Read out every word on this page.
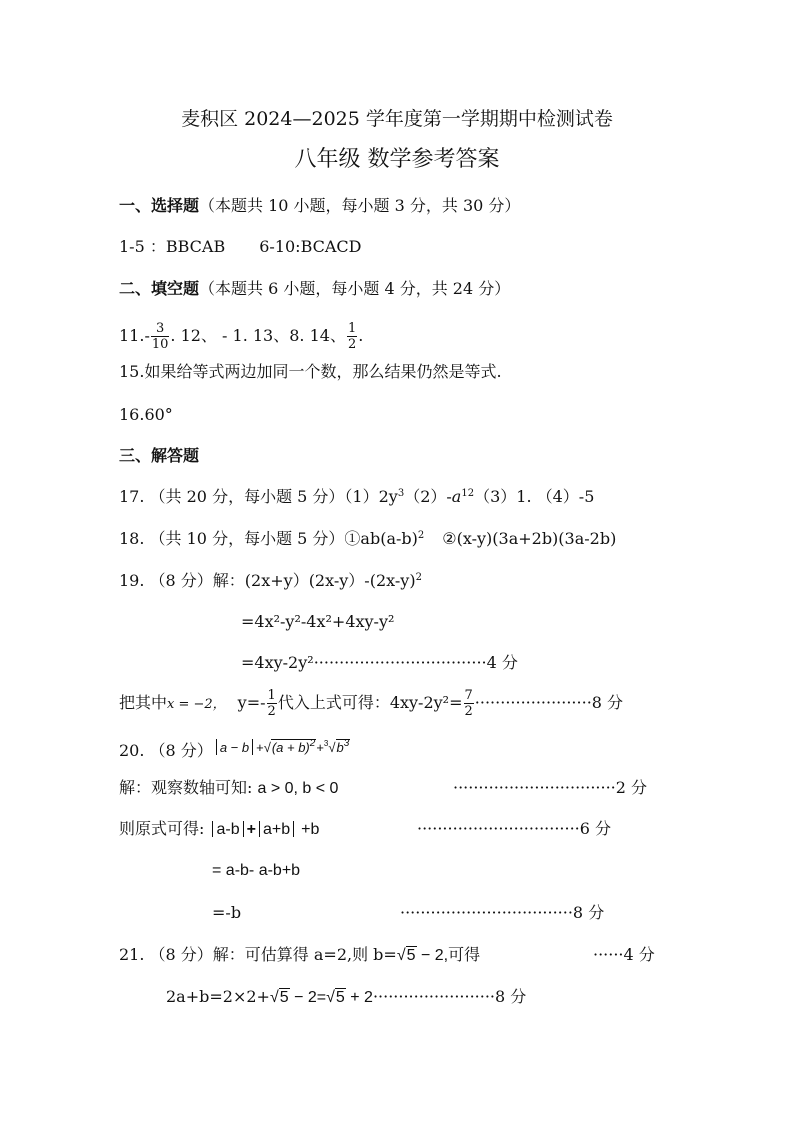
麦积区 2024—2025 学年度第一学期期中检测试卷
八年级 数学参考答案
一、选择题（本题共 10 小题，每小题 3 分，共 30 分）
1-5 ：BBCAB 6-10:BCACD
二、填空题（本题共 6 小题，每小题 4 分，共 24 分）
$11.- \frac{3}{10}$ . 12、 - 1. 13、8. 14、 $\frac{1}{2}$ .
15.如果给等式两边加同一个数，那么结果仍然是等式.
16.60°
三、解答题
17. （共 20 分，每小题 5 分）$(1)2y^3(2)-a^{12}(3)1$. （4）-5
18. （共 10 分，每小题 5 分）$①ab(a-b)^2$ ②(x-y)(3a+2b)(3a-2b)
19. （8 分）解：$(2x+y)(2x-y)-(2x-y)^2$
=4x²-y²-4x²+4xy-y²
=4xy-2y²··································4 分
把其中x = −2， $y=- \frac{1}{2}$ 代入上式可得：$4xy-2y^2= \frac{7}{2} \cdot\cdot\cdot\cdot\cdot\cdot\cdot\cdot\cdot\cdot\cdot\cdot\cdot\cdot\cdot\cdot\cdot\cdot\cdot\cdot\cdot\cdot\cdot 8$ 分
20. （8 分） $^{a - b +√(a + b)^2+^3√b^3}$
解：观察数轴可知: a > 0, b < 0	································2 分
则原式可得: a-b + a+b +b	································6 分
= a-b- a-b+b
=-b	··································8 分
21. （8 分）解：可估算得 a=2,则 b=√5 − 2,可得	······4 分
2a+b=2×2+√5 − 2=√5 + 2························8 分
